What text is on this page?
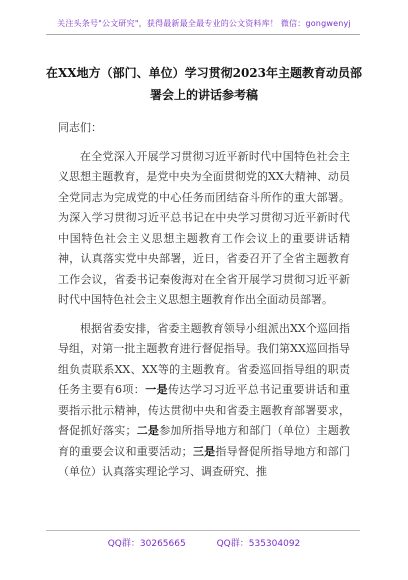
关注头条号"公文研究"，获得最新最全最专业的公文资料库！ 微信：gongwenyj
在XX地方（部门、单位）学习贯彻2023年主题教育动员部
署会上的讲话参考稿

同志们：

在全党深入开展学习贯彻习近平新时代中国特色社会主义思想主题教育，是党中央为全面贯彻党的XX大精神、动员全党同志为完成党的中心任务而团结奋斗所作的重大部署。为深入学习贯彻习近平总书记在中央学习贯彻习近平新时代中国特色社会主义思想主题教育工作会议上的重要讲话精神，认真落实党中央部署，近日，省委召开了全省主题教育工作会议，省委书记秦俊海对在全省开展学习贯彻习近平新时代中国特色社会主义思想主题教育作出全面动员部署。

根据省委安排，省委主题教育领导小组派出XX个巡回指导组，对第一批主题教育进行督促指导。我们第XX巡回指导组负责联系XX、XX等的主题教育。省委巡回指导组的职责任务主要有6项：一是传达学习习近平总书记重要讲话和重要指示批示精神，传达贯彻中央和省委主题教育部署要求，督促抓好落实；二是参加所指导地方和部门（单位）主题教育的重要会议和重要活动；三是指导督促所指导地方和部门（单位）认真落实理论学习、调查研究、推

QQ群：30265665	QQ群：535304092
